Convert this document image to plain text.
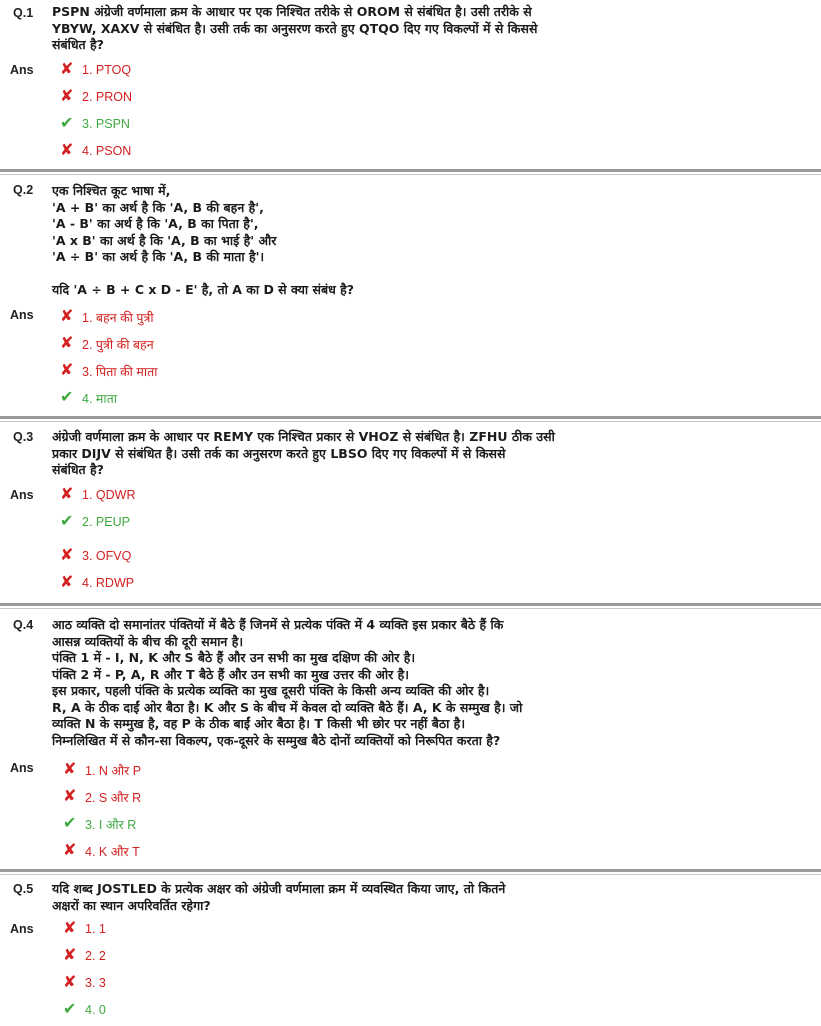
Q.1 PSPN अंग्रेजी वर्णमाला क्रम के आधार पर एक निश्चित तरीके से OROM से संबंधित है। उसी तरीके से
YBYW, XAXV से संबंधित है। उसी तर्क का अनुसरण करते हुए QTQO दिए गए विकल्पों में से किससे
संबंधित है?
Ans ✘ 1. PTOQ
✘ 2. PRON
✔ 3. PSPN
✘ 4. PSON
Q.2 एक निश्चित कूट भाषा में,
'A + B' का अर्थ है कि 'A, B की बहन है',
'A - B' का अर्थ है कि 'A, B का पिता है',
'A x B' का अर्थ है कि 'A, B का भाई है' और
'A ÷ B' का अर्थ है कि 'A, B की माता है'।

यदि 'A ÷ B + C x D - E' है, तो A का D से क्या संबंध है?
Ans ✘ 1. बहन की पुत्री
✘ 2. पुत्री की बहन
✘ 3. पिता की माता
✔ 4. माता
Q.3 अंग्रेजी वर्णमाला क्रम के आधार पर REMY एक निश्चित प्रकार से VHOZ से संबंधित है। ZFHU ठीक उसी
प्रकार DIJV से संबंधित है। उसी तर्क का अनुसरण करते हुए LBSO दिए गए विकल्पों में से किससे
संबंधित है?
Ans ✘ 1. QDWR
✔ 2. PEUP
✘ 3. OFVQ
✘ 4. RDWP
Q.4 आठ व्यक्ति दो समानांतर पंक्तियों में बैठे हैं जिनमें से प्रत्येक पंक्ति में 4 व्यक्ति इस प्रकार बैठे हैं कि
आसन्न व्यक्तियों के बीच की दूरी समान है।
पंक्ति 1 में - I, N, K और S बैठे हैं और उन सभी का मुख दक्षिण की ओर है।
पंक्ति 2 में - P, A, R और T बैठे हैं और उन सभी का मुख उत्तर की ओर है।
इस प्रकार, पहली पंक्ति के प्रत्येक व्यक्ति का मुख दूसरी पंक्ति के किसी अन्य व्यक्ति की ओर है।
R, A के ठीक दाईं ओर बैठा है। K और S के बीच में केवल दो व्यक्ति बैठे हैं। A, K के सम्मुख है। जो
व्यक्ति N के सम्मुख है, वह P के ठीक बाईं ओर बैठा है। T किसी भी छोर पर नहीं बैठा है।
निम्नलिखित में से कौन-सा विकल्प, एक-दूसरे के सम्मुख बैठे दोनों व्यक्तियों को निरूपित करता है?
Ans ✘ 1. N और P
✘ 2. S और R
✔ 3. I और R
✘ 4. K और T
Q.5 यदि शब्द JOSTLED के प्रत्येक अक्षर को अंग्रेजी वर्णमाला क्रम में व्यवस्थित किया जाए, तो कितने
अक्षरों का स्थान अपरिवर्तित रहेगा?
Ans ✘ 1. 1
✘ 2. 2
✘ 3. 3
✔ 4. 0
